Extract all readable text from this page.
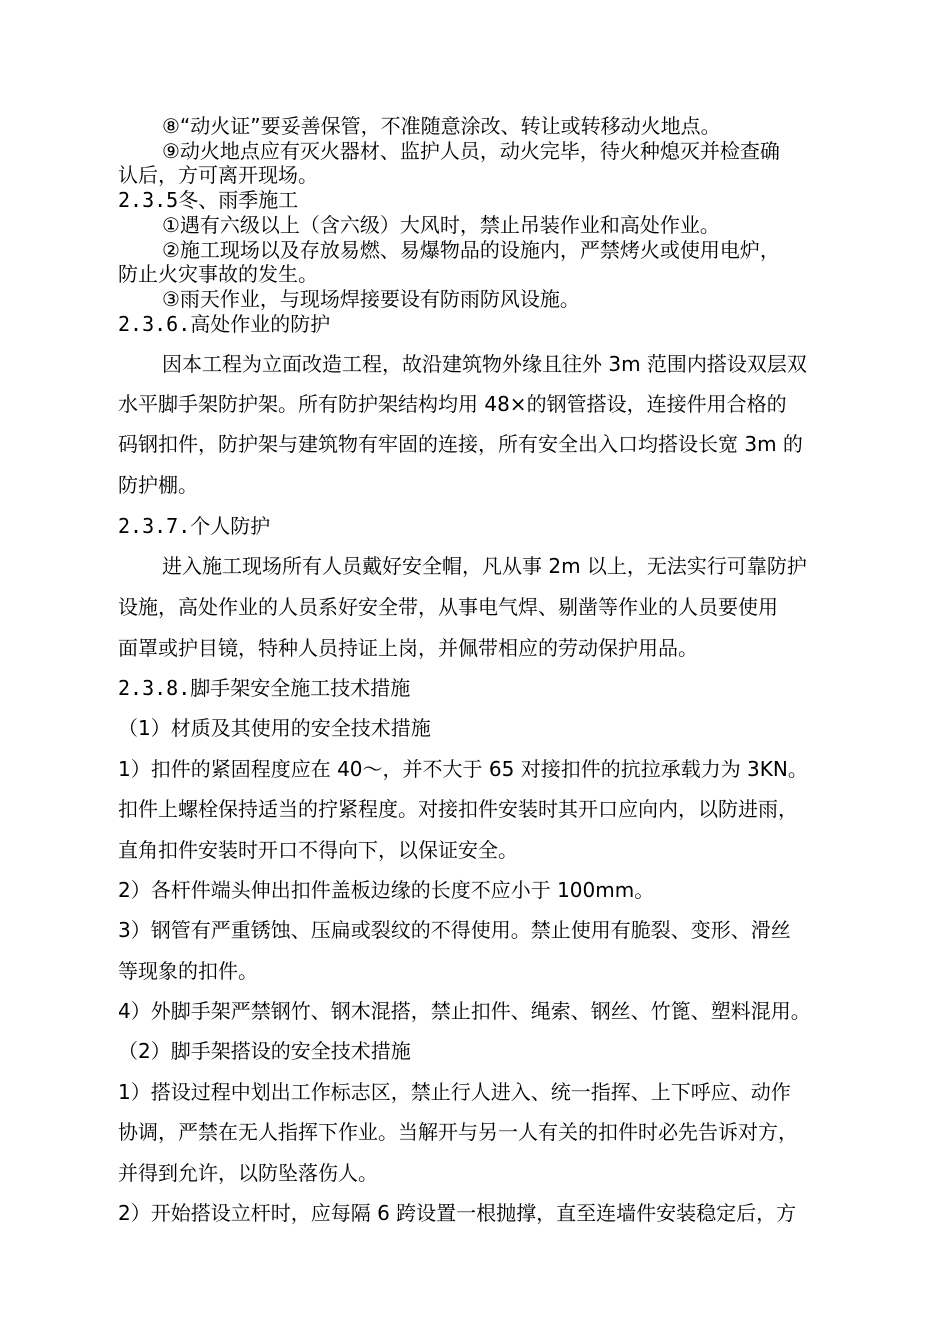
⑧“动火证”要妥善保管，不准随意涂改、转让或转移动火地点。

⑨动火地点应有灭火器材、监护人员，动火完毕，待火种熄灭并检查确

认后，方可离开现场。

2.3.5冬、雨季施工

①遇有六级以上（含六级）大风时，禁止吊装作业和高处作业。

②施工现场以及存放易燃、易爆物品的设施内，严禁烤火或使用电炉，

防止火灾事故的发生。

③雨天作业，与现场焊接要设有防雨防风设施。

2.3.6.高处作业的防护

因本工程为立面改造工程，故沿建筑物外缘且往外 3m 范围内搭设双层双

水平脚手架防护架。所有防护架结构均用 48×的钢管搭设，连接件用合格的

码钢扣件，防护架与建筑物有牢固的连接，所有安全出入口均搭设长宽 3m 的

防护棚。

2.3.7.个人防护

进入施工现场所有人员戴好安全帽，凡从事 2m 以上，无法实行可靠防护

设施，高处作业的人员系好安全带，从事电气焊、剔凿等作业的人员要使用

面罩或护目镜，特种人员持证上岗，并佩带相应的劳动保护用品。

2.3.8.脚手架安全施工技术措施

（1）材质及其使用的安全技术措施

1）扣件的紧固程度应在 40～，并不大于 65 对接扣件的抗拉承载力为 3KN。

扣件上螺栓保持适当的拧紧程度。对接扣件安装时其开口应向内，以防进雨，

直角扣件安装时开口不得向下，以保证安全。

2）各杆件端头伸出扣件盖板边缘的长度不应小于 100mm。

3）钢管有严重锈蚀、压扁或裂纹的不得使用。禁止使用有脆裂、变形、滑丝

等现象的扣件。

4）外脚手架严禁钢竹、钢木混搭，禁止扣件、绳索、钢丝、竹篦、塑料混用。

（2）脚手架搭设的安全技术措施

1）搭设过程中划出工作标志区，禁止行人进入、统一指挥、上下呼应、动作

协调，严禁在无人指挥下作业。当解开与另一人有关的扣件时必先告诉对方，

并得到允许，以防坠落伤人。

2）开始搭设立杆时，应每隔 6 跨设置一根抛撑，直至连墙件安装稳定后，方
